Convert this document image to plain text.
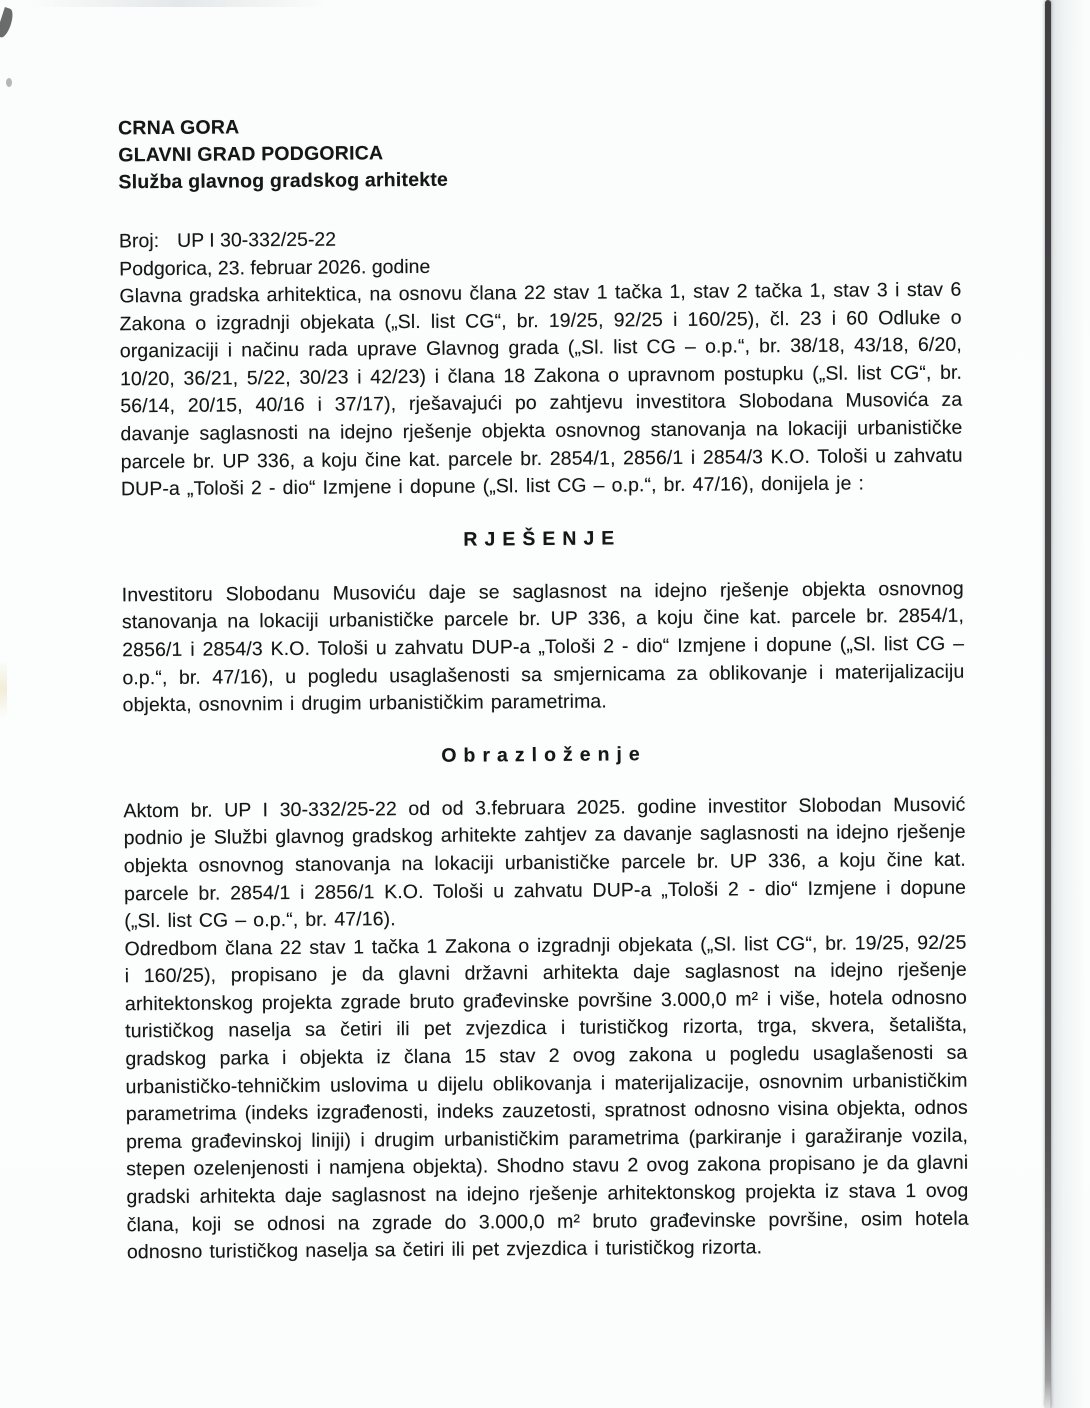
CRNA GORA
GLAVNI GRAD PODGORICA
Služba glavnog gradskog arhitekte
Broj: UP I 30-332/25-22
Podgorica, 23. februar 2026. godine

Glavna gradska arhitektica, na osnovu člana 22 stav 1 tačka 1, stav 2 tačka 1, stav 3 i stav 6 Zakona o izgradnji objekata („Sl. list CG“, br. 19/25, 92/25 i 160/25), čl. 23 i 60 Odluke o organizaciji i načinu rada uprave Glavnog grada („Sl. list CG – o.p.“, br. 38/18, 43/18, 6/20, 10/20, 36/21, 5/22, 30/23 i 42/23) i člana 18 Zakona o upravnom postupku („Sl. list CG“, br. 56/14, 20/15, 40/16 i 37/17), rješavajući po zahtjevu investitora Slobodana Musovića za davanje saglasnosti na idejno rješenje objekta osnovnog stanovanja na lokaciji urbanističke parcele br. UP 336, a koju čine kat. parcele br. 2854/1, 2856/1 i 2854/3 K.O. Tološi u zahvatu DUP-a „Tološi 2 - dio“ Izmjene i dopune („Sl. list CG – o.p.“, br. 47/16), donijela je :

RJEŠENJE

Investitoru Slobodanu Musoviću daje se saglasnost na idejno rješenje objekta osnovnog stanovanja na lokaciji urbanističke parcele br. UP 336, a koju čine kat. parcele br. 2854/1, 2856/1 i 2854/3 K.O. Tološi u zahvatu DUP-a „Tološi 2 - dio“ Izmjene i dopune („Sl. list CG – o.p.“, br. 47/16), u pogledu usaglašenosti sa smjernicama za oblikovanje i materijalizaciju objekta, osnovnim i drugim urbanističkim parametrima.

Obrazloženje

Aktom br. UP I 30-332/25-22 od od 3.februara 2025. godine investitor Slobodan Musović podnio je Službi glavnog gradskog arhitekte zahtjev za davanje saglasnosti na idejno rješenje objekta osnovnog stanovanja na lokaciji urbanističke parcele br. UP 336, a koju čine kat. parcele br. 2854/1 i 2856/1 K.O. Tološi u zahvatu DUP-a „Tološi 2 - dio“ Izmjene i dopune („Sl. list CG – o.p.“, br. 47/16).

Odredbom člana 22 stav 1 tačka 1 Zakona o izgradnji objekata („Sl. list CG“, br. 19/25, 92/25 i 160/25), propisano je da glavni državni arhitekta daje saglasnost na idejno rješenje arhitektonskog projekta zgrade bruto građevinske površine 3.000,0 m² i više, hotela odnosno turističkog naselja sa četiri ili pet zvjezdica i turističkog rizorta, trga, skvera, šetališta, gradskog parka i objekta iz člana 15 stav 2 ovog zakona u pogledu usaglašenosti sa urbanističko-tehničkim uslovima u dijelu oblikovanja i materijalizacije, osnovnim urbanističkim parametrima (indeks izgrađenosti, indeks zauzetosti, spratnost odnosno visina objekta, odnos prema građevinskoj liniji) i drugim urbanističkim parametrima (parkiranje i garažiranje vozila, stepen ozelenjenosti i namjena objekta). Shodno stavu 2 ovog zakona propisano je da glavni gradski arhitekta daje saglasnost na idejno rješenje arhitektonskog projekta iz stava 1 ovog člana, koji se odnosi na zgrade do 3.000,0 m² bruto građevinske površine, osim hotela odnosno turističkog naselja sa četiri ili pet zvjezdica i turističkog rizorta.
